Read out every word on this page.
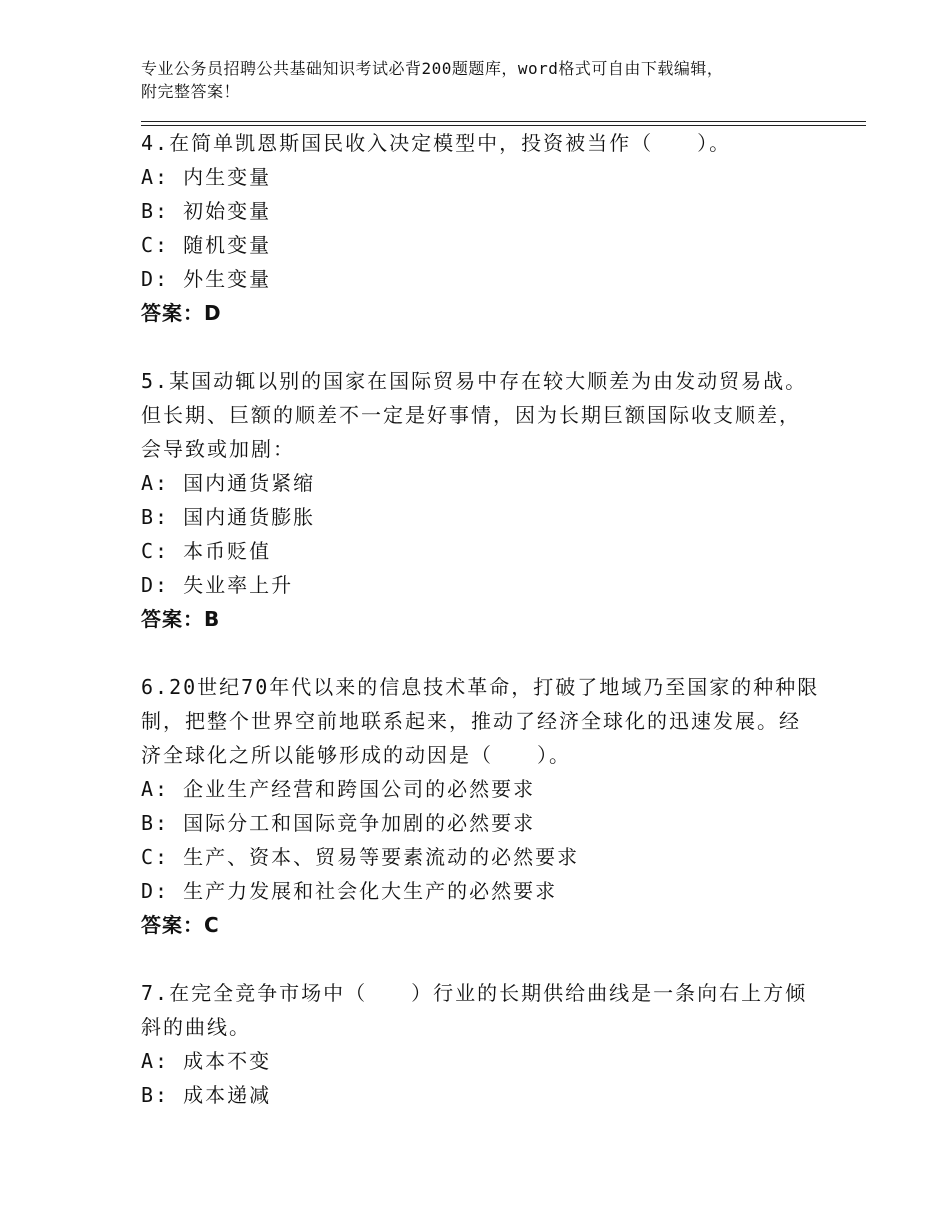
专业公务员招聘公共基础知识考试必背200题题库，word格式可自由下载编辑，
附完整答案！
4.在简单凯恩斯国民收入决定模型中，投资被当作（　　）。
A: 内生变量
B: 初始变量
C: 随机变量
D: 外生变量
答案：D
5.某国动辄以别的国家在国际贸易中存在较大顺差为由发动贸易战。
但长期、巨额的顺差不一定是好事情，因为长期巨额国际收支顺差，
会导致或加剧：
A: 国内通货紧缩
B: 国内通货膨胀
C: 本币贬值
D: 失业率上升
答案：B
6.20世纪70年代以来的信息技术革命，打破了地域乃至国家的种种限
制，把整个世界空前地联系起来，推动了经济全球化的迅速发展。经
济全球化之所以能够形成的动因是（　　）。
A: 企业生产经营和跨国公司的必然要求
B: 国际分工和国际竞争加剧的必然要求
C: 生产、资本、贸易等要素流动的必然要求
D: 生产力发展和社会化大生产的必然要求
答案：C
7.在完全竞争市场中（　　）行业的长期供给曲线是一条向右上方倾
斜的曲线。
A: 成本不变
B: 成本递减
